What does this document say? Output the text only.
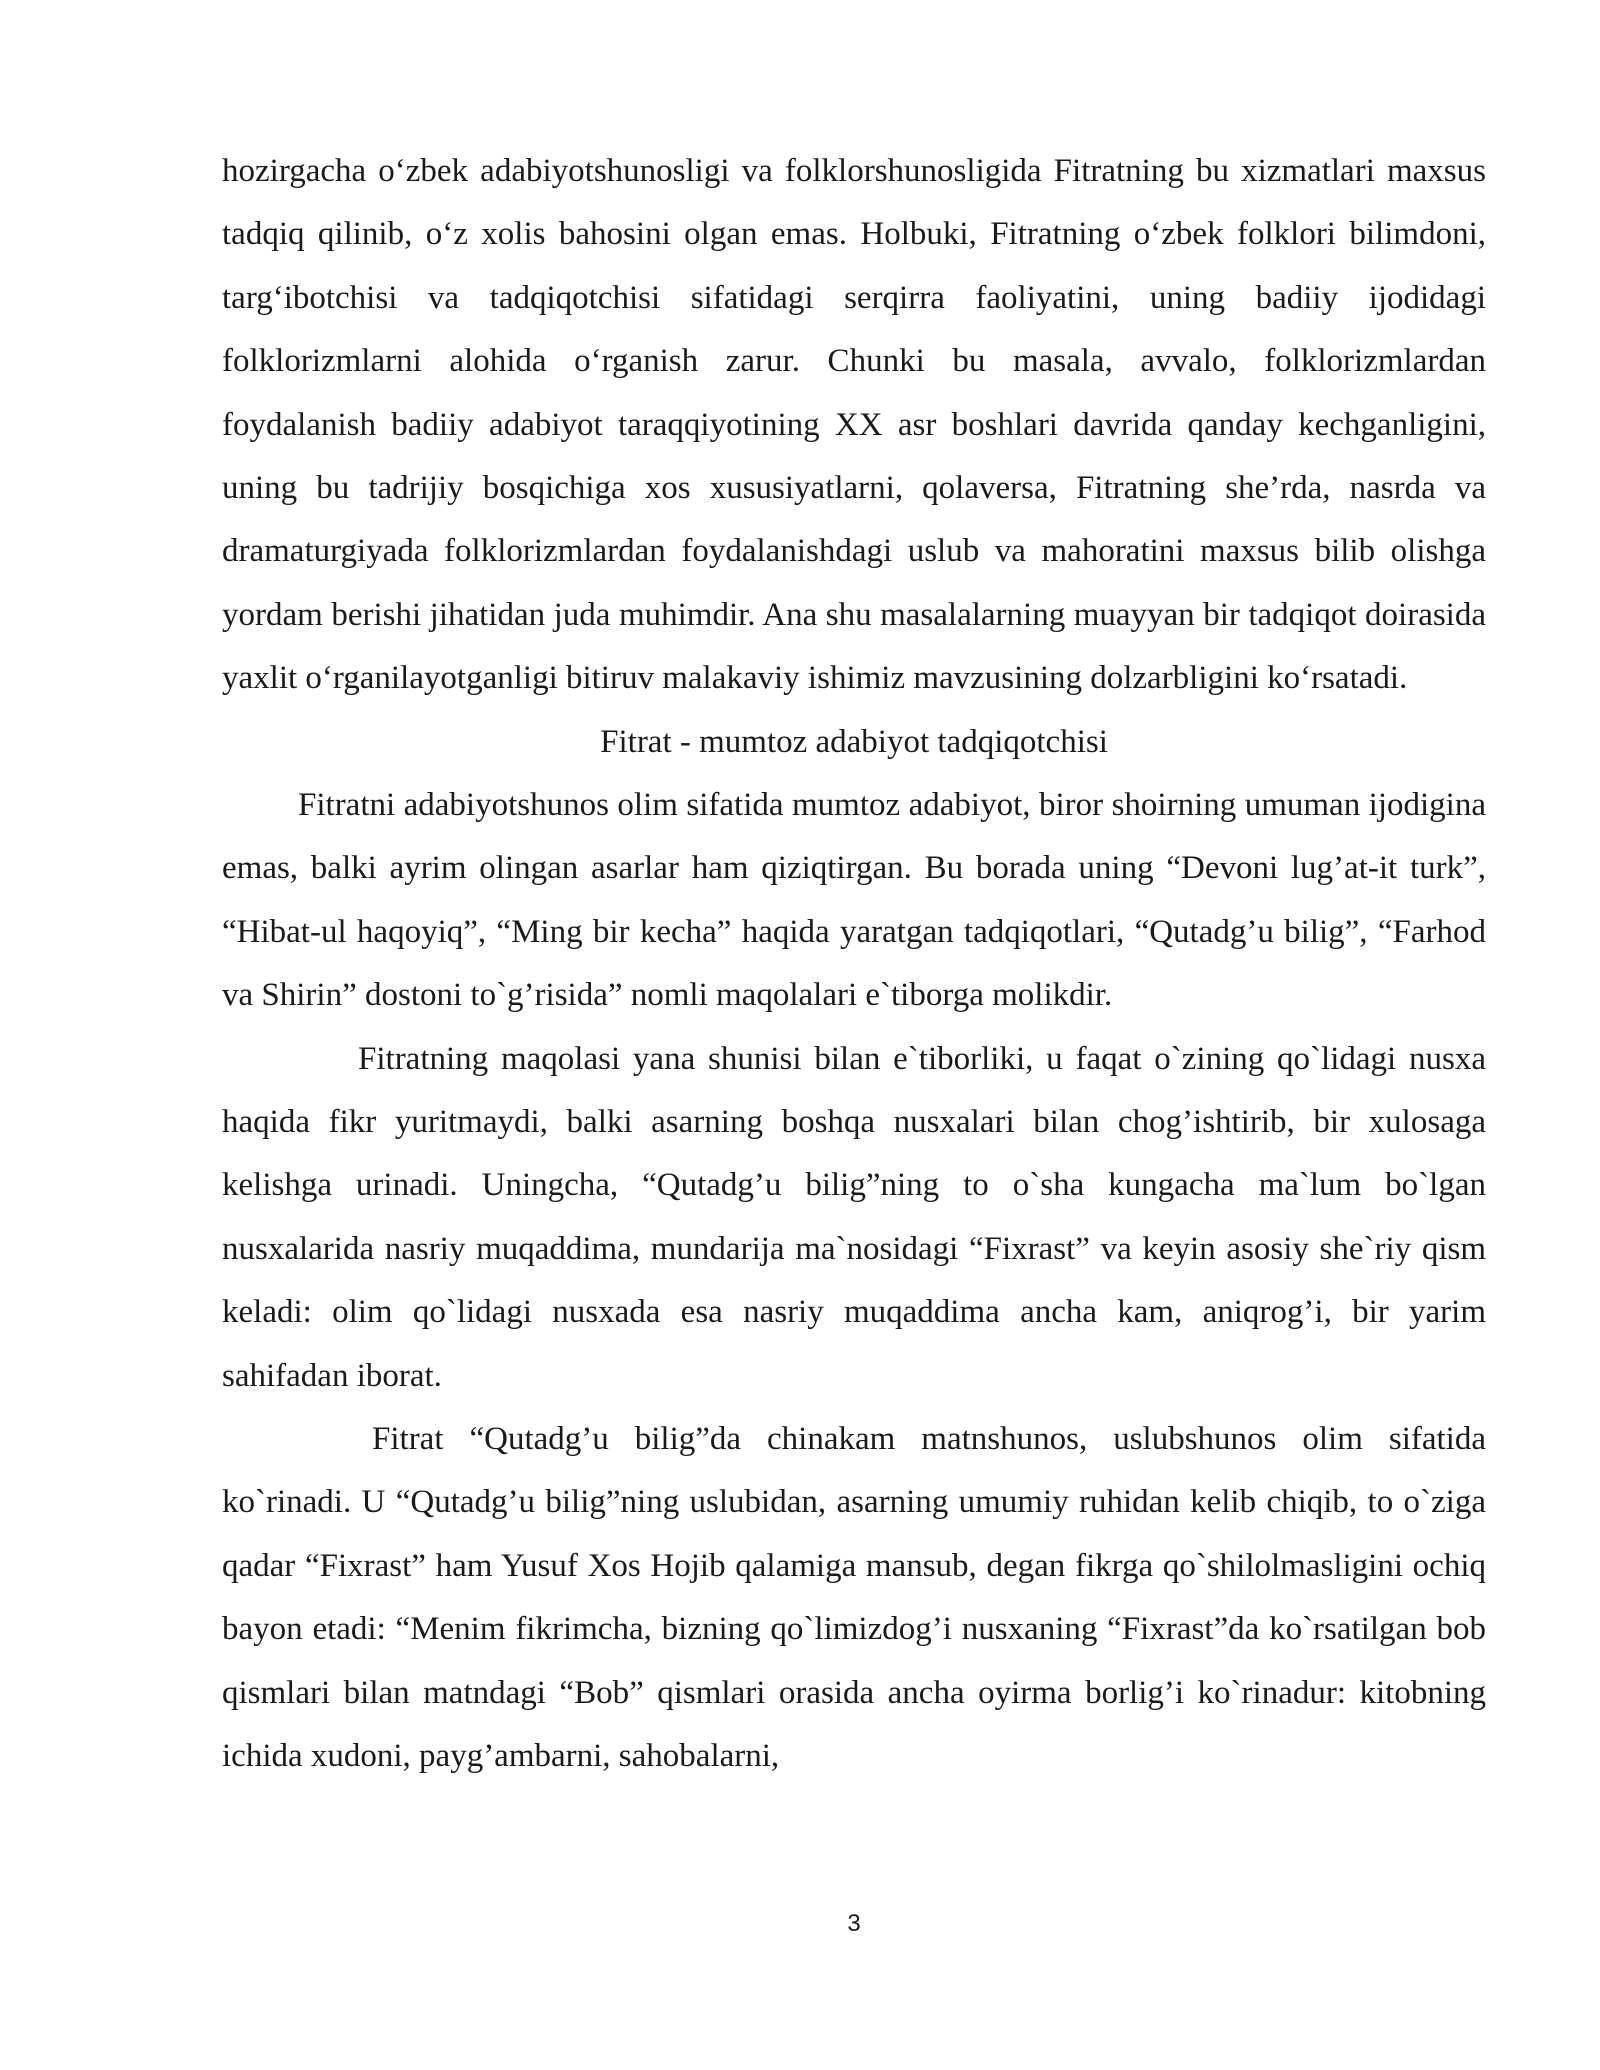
hozirgacha o‘zbek adabiyotshunosligi va folklorshunosligida Fitratning bu xizmatlari maxsus tadqiq qilinib, o‘z xolis bahosini olgan emas. Holbuki, Fitratning o‘zbek folklori bilimdoni, targ‘ibotchisi va tadqiqotchisi sifatidagi serqirra faoliyatini, uning badiiy ijodidagi folklorizmlarni alohida o‘rganish zarur. Chunki bu masala, avvalo, folklorizmlardan foydalanish badiiy adabiyot taraqqiyotining XX asr boshlari davrida qanday kechganligini, uning bu tadrijiy bosqichiga xos xususiyatlarni, qolaversa, Fitratning she’rda, nasrda va dramaturgiyada folklorizmlardan foydalanishdagi uslub va mahoratini maxsus bilib olishga yordam berishi jihatidan juda muhimdir. Ana shu masalalarning muayyan bir tadqiqot doirasida yaxlit o‘rganilayotganligi bitiruv malakaviy ishimiz mavzusining dolzarbligini ko‘rsatadi.

Fitrat - mumtoz adabiyot tadqiqotchisi

Fitratni adabiyotshunos olim sifatida mumtoz adabiyot, biror shoirning umuman ijodigina emas, balki ayrim olingan asarlar ham qiziqtirgan. Bu borada uning “Devoni lug’at-it turk”, “Hibat-ul haqoyiq”, “Ming bir kecha” haqida yaratgan tadqiqotlari, “Qutadg’u bilig”, “Farhod va Shirin” dostoni to`g’risida” nomli maqolalari e`tiborga molikdir.

Fitratning maqolasi yana shunisi bilan e`tiborliki, u faqat o`zining qo`lidagi nusxa haqida fikr yuritmaydi, balki asarning boshqa nusxalari bilan chog’ishtirib, bir xulosaga kelishga urinadi. Uningcha, “Qutadg’u bilig”ning to o`sha kungacha ma`lum bo`lgan nusxalarida nasriy muqaddima, mundarija ma`nosidagi “Fixrast” va keyin asosiy she`riy qism keladi: olim qo`lidagi nusxada esa nasriy muqaddima ancha kam, aniqrog’i, bir yarim sahifadan iborat.

Fitrat “Qutadg’u bilig”da chinakam matnshunos, uslubshunos olim sifatida ko`rinadi. U “Qutadg’u bilig”ning uslubidan, asarning umumiy ruhidan kelib chiqib, to o`ziga qadar “Fixrast” ham Yusuf Xos Hojib qalamiga mansub, degan fikrga qo`shilolmasligini ochiq bayon etadi: “Menim fikrimcha, bizning qo`limizdog’i nusxaning “Fixrast”da ko`rsatilgan bob qismlari bilan matndagi “Bob” qismlari orasida ancha oyirma borlig’i ko`rinadur: kitobning ichida xudoni, payg’ambarni, sahobalarni,

3
